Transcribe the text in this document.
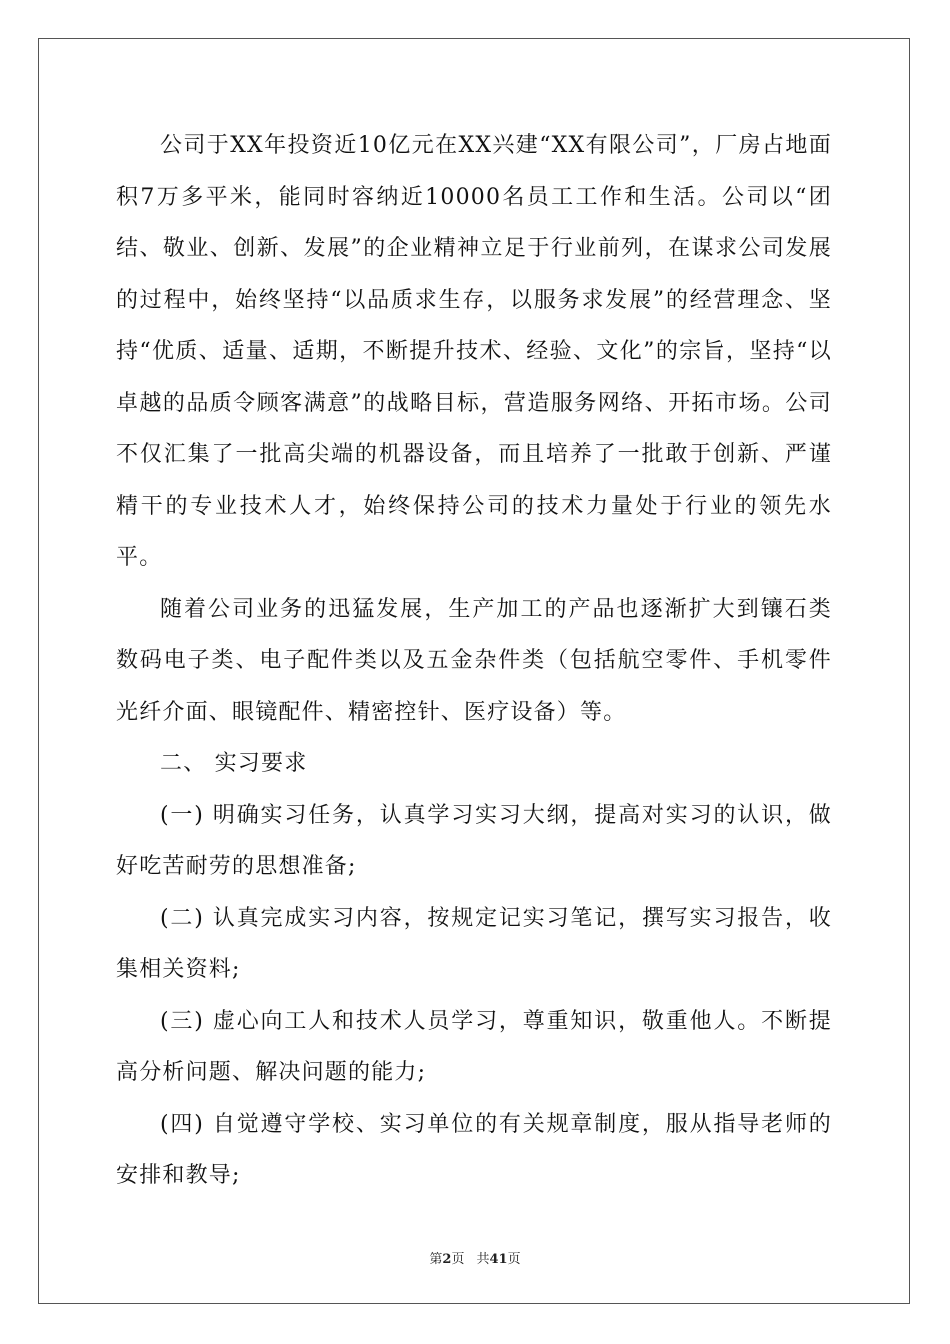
公司于XX年投资近10亿元在XX兴建“XX有限公司”，厂房占地面积7万多平米，能同时容纳近10000名员工工作和生活。公司以“团结、敬业、创新、发展”的企业精神立足于行业前列，在谋求公司发展的过程中，始终坚持“以品质求生存，以服务求发展”的经营理念、坚持“优质、适量、适期，不断提升技术、经验、文化”的宗旨，坚持“以卓越的品质令顾客满意”的战略目标，营造服务网络、开拓市场。公司不仅汇集了一批高尖端的机器设备，而且培养了一批敢于创新、严谨精干的专业技术人才，始终保持公司的技术力量处于行业的领先水平。

随着公司业务的迅猛发展，生产加工的产品也逐渐扩大到镶石类数码电子类、电子配件类以及五金杂件类（包括航空零件、手机零件光纤介面、眼镜配件、精密控针、医疗设备）等。

二、 实习要求

(一) 明确实习任务，认真学习实习大纲，提高对实习的认识，做好吃苦耐劳的思想准备;

(二) 认真完成实习内容，按规定记实习笔记，撰写实习报告，收集相关资料;

(三) 虚心向工人和技术人员学习，尊重知识，敬重他人。不断提高分析问题、解决问题的能力;

(四) 自觉遵守学校、实习单位的有关规章制度，服从指导老师的安排和教导;

第2页 共41页
